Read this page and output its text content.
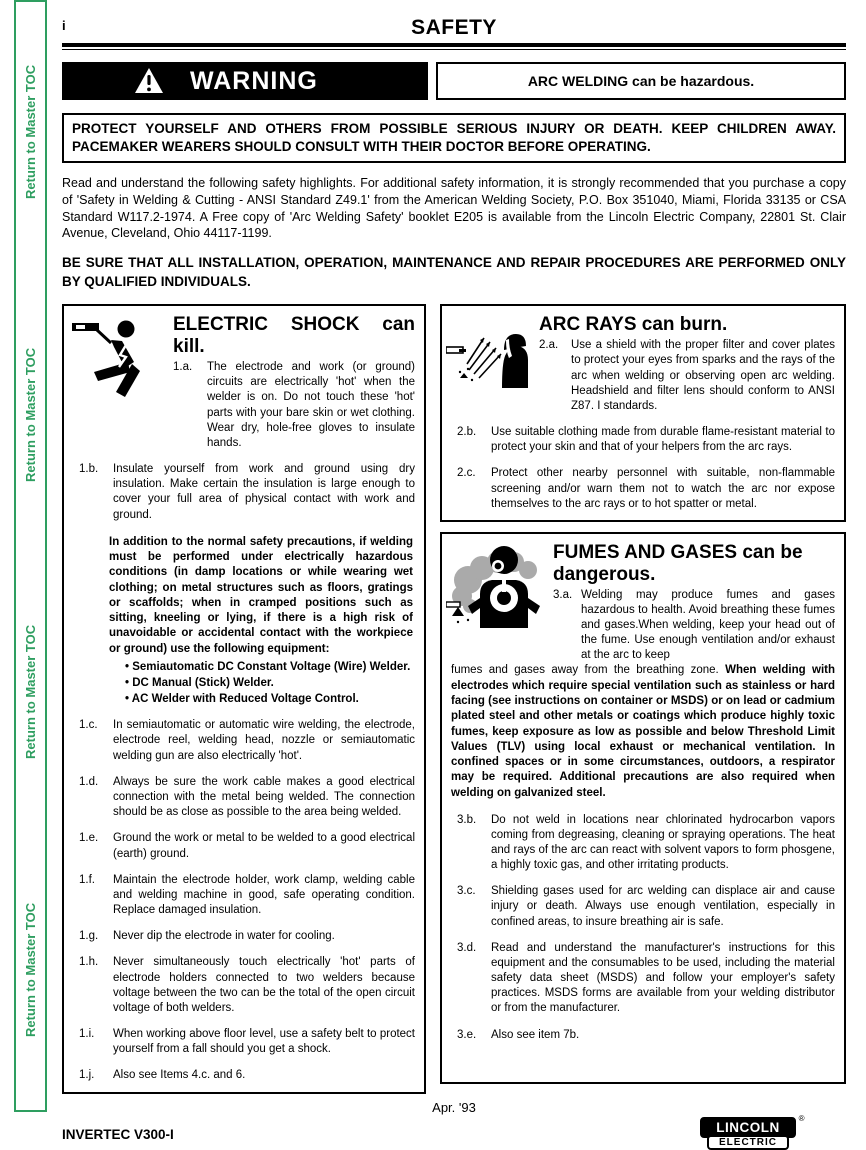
Return to Master TOC
Return to Master TOC
Return to Master TOC
Return to Master TOC
i	SAFETY
WARNING	ARC WELDING can be hazardous.
PROTECT YOURSELF AND OTHERS FROM POSSIBLE SERIOUS INJURY OR DEATH. KEEP CHILDREN AWAY. PACEMAKER WEARERS SHOULD CONSULT WITH THEIR DOCTOR BEFORE OPERATING.

Read and understand the following safety highlights. For additional safety information, it is strongly recommended that you purchase a copy of 'Safety in Welding & Cutting - ANSI Standard Z49.1' from the American Welding Society, P.O. Box 351040, Miami, Florida 33135 or CSA Standard W117.2-1974. A Free copy of 'Arc Welding Safety' booklet E205 is available from the Lincoln Electric Company, 22801 St. Clair Avenue, Cleveland, Ohio 44117-1199.

BE SURE THAT ALL INSTALLATION, OPERATION, MAINTENANCE AND REPAIR PROCEDURES ARE PERFORMED ONLY BY QUALIFIED INDIVIDUALS.

ELECTRIC SHOCK can kill.
1.a. The electrode and work (or ground) circuits are electrically 'hot' when the welder is on. Do not touch these 'hot' parts with your bare skin or wet clothing. Wear dry, hole-free gloves to insulate hands.
1.b. Insulate yourself from work and ground using dry insulation. Make certain the insulation is large enough to cover your full area of physical contact with work and ground.
In addition to the normal safety precautions, if welding must be performed under electrically hazardous conditions (in damp locations or while wearing wet clothing; on metal structures such as floors, gratings or scaffolds; when in cramped positions such as sitting, kneeling or lying, if there is a high risk of unavoidable or accidental contact with the workpiece or ground) use the following equipment:
• Semiautomatic DC Constant Voltage (Wire) Welder.
• DC Manual (Stick) Welder.
• AC Welder with Reduced Voltage Control.
1.c. In semiautomatic or automatic wire welding, the electrode, electrode reel, welding head, nozzle or semiautomatic welding gun are also electrically 'hot'.
1.d. Always be sure the work cable makes a good electrical connection with the metal being welded. The connection should be as close as possible to the area being welded.
1.e. Ground the work or metal to be welded to a good electrical (earth) ground.
1.f. Maintain the electrode holder, work clamp, welding cable and welding machine in good, safe operating condition. Replace damaged insulation.
1.g. Never dip the electrode in water for cooling.
1.h. Never simultaneously touch electrically 'hot' parts of electrode holders connected to two welders because voltage between the two can be the total of the open circuit voltage of both welders.
1.i. When working above floor level, use a safety belt to protect yourself from a fall should you get a shock.
1.j. Also see Items 4.c. and 6.
ARC RAYS can burn.
2.a. Use a shield with the proper filter and cover plates to protect your eyes from sparks and the rays of the arc when welding or observing open arc welding. Headshield and filter lens should conform to ANSI Z87. I standards.
2.b. Use suitable clothing made from durable flame-resistant material to protect your skin and that of your helpers from the arc rays.
2.c. Protect other nearby personnel with suitable, non-flammable screening and/or warn them not to watch the arc nor expose themselves to the arc rays or to hot spatter or metal.
FUMES AND GASES can be dangerous.
3.a. Welding may produce fumes and gases hazardous to health. Avoid breathing these fumes and gases.When welding, keep your head out of the fume. Use enough ventilation and/or exhaust at the arc to keep

fumes and gases away from the breathing zone. When welding with electrodes which require special ventilation such as stainless or hard facing (see instructions on container or MSDS) or on lead or cadmium plated steel and other metals or coatings which produce highly toxic fumes, keep exposure as low as possible and below Threshold Limit Values (TLV) using local exhaust or mechanical ventilation. In confined spaces or in some circumstances, outdoors, a respirator may be required. Additional precautions are also required when welding on galvanized steel.

3.b. Do not weld in locations near chlorinated hydrocarbon vapors coming from degreasing, cleaning or spraying operations. The heat and rays of the arc can react with solvent vapors to form phosgene, a highly toxic gas, and other irritating products.
3.c. Shielding gases used for arc welding can displace air and cause injury or death. Always use enough ventilation, especially in confined areas, to insure breathing air is safe.
3.d. Read and understand the manufacturer's instructions for this equipment and the consumables to be used, including the material safety data sheet (MSDS) and follow your employer's safety practices. MSDS forms are available from your welding distributor or from the manufacturer.
3.e. Also see item 7b.
Apr. '93
INVERTEC V300-I	LINCOLN
®
ELECTRIC
